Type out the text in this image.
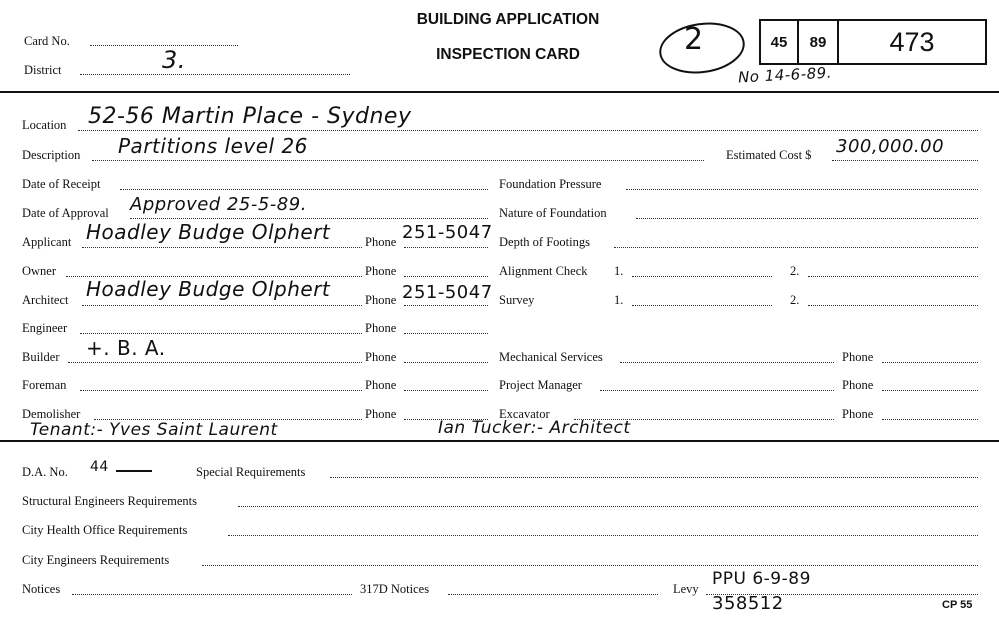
Card No.
District	3.
BUILDING APPLICATION
INSPECTION CARD	2	45	89	473
No 14-6-89.
Location 52-56 Martin Place - Sydney
Description Partitions level 26	Estimated Cost $ 300,000.00
Date of Receipt	Foundation Pressure
Date of Approval Approved 25-5-89.	Nature of Foundation
Applicant Hoadley Budge Olphert	Phone 251-5047 Depth of Footings
Owner	Phone	Alignment Check 1.	2.
Architect Hoadley Budge Olphert	Phone 251-5047 Survey	1.	2.
Engineer	Phone
Builder +. B. A.	Phone	Mechanical Services	Phone
Foreman	Phone	Project Manager	Phone
Demolisher	Phone	Excavator	Phone
Tenant:- Yves Saint Laurent	Ian Tucker:- Architect
D.A. No. 44	Special Requirements
Structural Engineers Requirements
City Health Office Requirements
City Engineers Requirements
Notices	317D Notices	Levy PPU 6-9-89
358512	CP 55
